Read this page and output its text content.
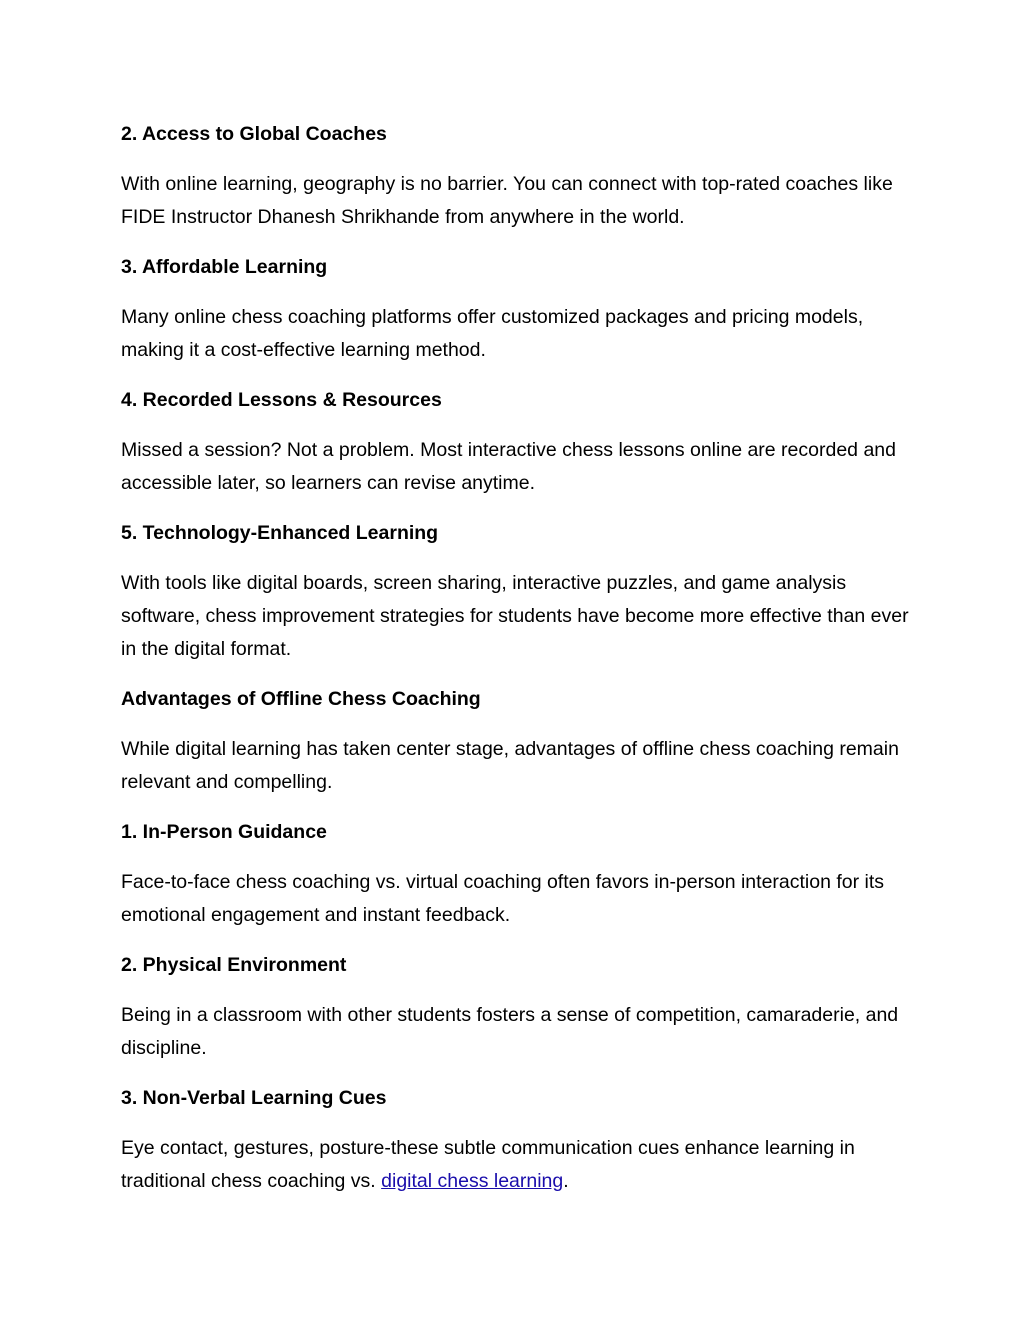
2. Access to Global Coaches

With online learning, geography is no barrier. You can connect with top-rated coaches like FIDE Instructor Dhanesh Shrikhande from anywhere in the world.

3. Affordable Learning

Many online chess coaching platforms offer customized packages and pricing models, making it a cost-effective learning method.

4. Recorded Lessons & Resources

Missed a session? Not a problem. Most interactive chess lessons online are recorded and accessible later, so learners can revise anytime.

5. Technology-Enhanced Learning

With tools like digital boards, screen sharing, interactive puzzles, and game analysis software, chess improvement strategies for students have become more effective than ever in the digital format.

Advantages of Offline Chess Coaching

While digital learning has taken center stage, advantages of offline chess coaching remain relevant and compelling.

1. In-Person Guidance

Face-to-face chess coaching vs. virtual coaching often favors in-person interaction for its emotional engagement and instant feedback.

2. Physical Environment

Being in a classroom with other students fosters a sense of competition, camaraderie, and discipline.

3. Non-Verbal Learning Cues

Eye contact, gestures, posture-these subtle communication cues enhance learning in traditional chess coaching vs. digital chess learning.
